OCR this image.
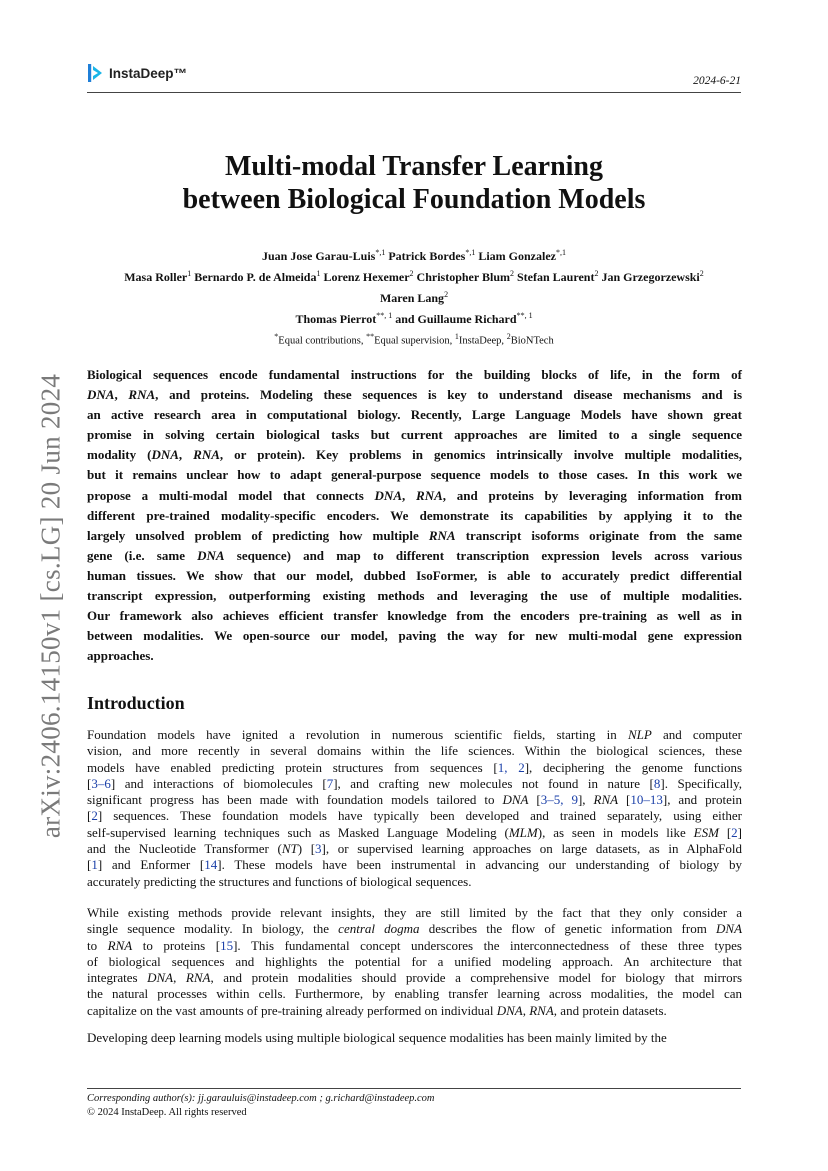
InstaDeep™
2024-6-21
arXiv:2406.14150v1 [cs.LG] 20 Jun 2024
Multi-modal Transfer Learning
between Biological Foundation Models
Juan Jose Garau-Luis$^{*,1}$ Patrick Bordes$^{*,1}$ Liam Gonzalez$^{*,1}$
Masa Roller$^1$ Bernardo P. de Almeida$^1$ Lorenz Hexemer$^2$ Christopher Blum$^2$ Stefan Laurent$^2$ Jan Grzegorzewski$^2$
Maren Lang$^2$
Thomas Pierrot$^{**, 1}$ and Guillaume Richard$^{**, 1}$
*Equal contributions, **Equal supervision, $^1$InstaDeep, $^2$BioNTech
Biological sequences encode fundamental instructions for the building blocks of life, in the form of
DNA, RNA, and proteins. Modeling these sequences is key to understand disease mechanisms and is
an active research area in computational biology. Recently, Large Language Models have shown great
promise in solving certain biological tasks but current approaches are limited to a single sequence
modality (DNA, RNA, or protein). Key problems in genomics intrinsically involve multiple modalities,
but it remains unclear how to adapt general-purpose sequence models to those cases. In this work we
propose a multi-modal model that connects DNA, RNA, and proteins by leveraging information from
different pre-trained modality-specific encoders. We demonstrate its capabilities by applying it to the
largely unsolved problem of predicting how multiple RNA transcript isoforms originate from the same
gene (i.e. same DNA sequence) and map to different transcription expression levels across various
human tissues. We show that our model, dubbed IsoFormer, is able to accurately predict differential
transcript expression, outperforming existing methods and leveraging the use of multiple modalities.
Our framework also achieves efficient transfer knowledge from the encoders pre-training as well as in
between modalities. We open-source our model, paving the way for new multi-modal gene expression
approaches.
Introduction
Foundation models have ignited a revolution in numerous scientific fields, starting in NLP and computer
vision, and more recently in several domains within the life sciences. Within the biological sciences, these
models have enabled predicting protein structures from sequences [1, 2], deciphering the genome functions
[3–6] and interactions of biomolecules [7], and crafting new molecules not found in nature [8]. Specifically,
significant progress has been made with foundation models tailored to DNA [3–5, 9], RNA [10–13], and protein
[2] sequences. These foundation models have typically been developed and trained separately, using either
self-supervised learning techniques such as Masked Language Modeling (MLM), as seen in models like ESM [2]
and the Nucleotide Transformer (NT) [3], or supervised learning approaches on large datasets, as in AlphaFold
[1] and Enformer [14]. These models have been instrumental in advancing our understanding of biology by
accurately predicting the structures and functions of biological sequences.
While existing methods provide relevant insights, they are still limited by the fact that they only consider a
single sequence modality. In biology, the central dogma describes the flow of genetic information from DNA
to RNA to proteins [15]. This fundamental concept underscores the interconnectedness of these three types
of biological sequences and highlights the potential for a unified modeling approach. An architecture that
integrates DNA, RNA, and protein modalities should provide a comprehensive model for biology that mirrors
the natural processes within cells. Furthermore, by enabling transfer learning across modalities, the model can
capitalize on the vast amounts of pre-training already performed on individual DNA, RNA, and protein datasets.
Developing deep learning models using multiple biological sequence modalities has been mainly limited by the
Corresponding author(s): jj.garauluis@instadeep.com ; g.richard@instadeep.com
© 2024 InstaDeep. All rights reserved
